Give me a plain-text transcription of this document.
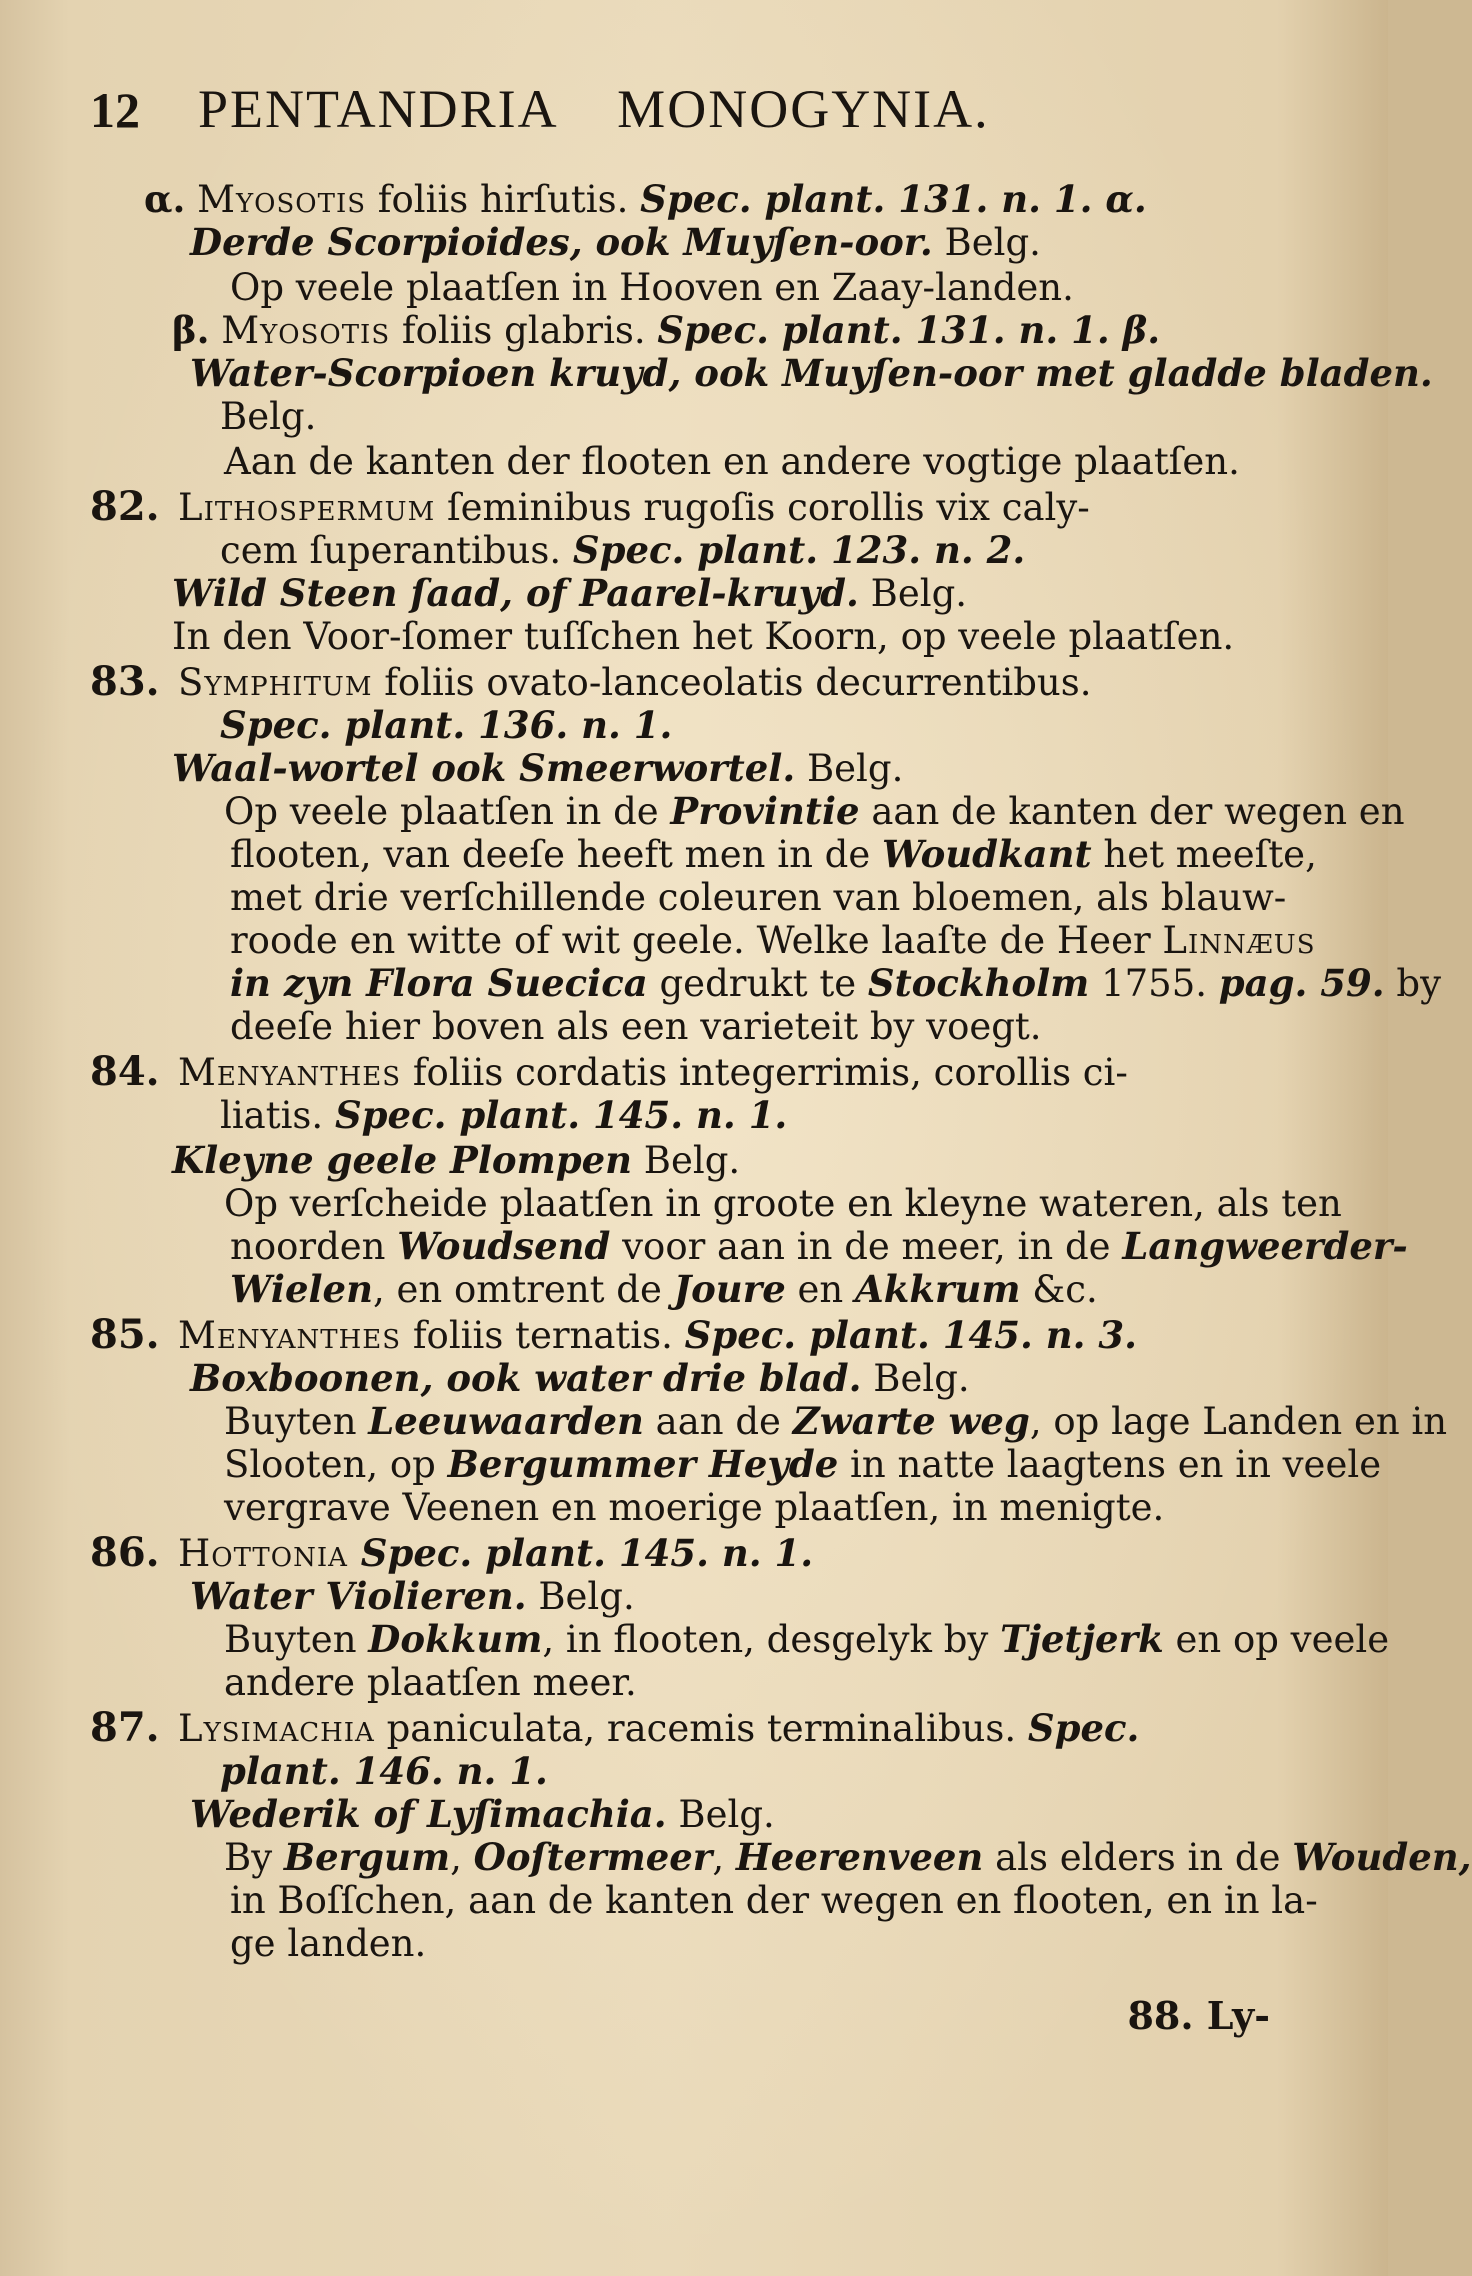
12	PENTANDRIA MONOGYNIA.
α. Myosotis foliis hirſutis. Spec. plant. 131. n. 1. α.
Derde Scorpioides, ook Muyſen-oor. Belg.
Op veele plaatſen in Hooven en Zaay-landen.
β. Myosotis foliis glabris. Spec. plant. 131. n. 1. β.
Water-Scorpioen kruyd, ook Muyſen-oor met gladde bladen.
Belg.
Aan de kanten der flooten en andere vogtige plaatſen.
82. Lithospermum ſeminibus rugoſis corollis vix caly-
cem ſuperantibus. Spec. plant. 123. n. 2.
Wild Steen ſaad, of Paarel-kruyd. Belg.
In den Voor-ſomer tuſſchen het Koorn, op veele plaatſen.
83. Symphitum foliis ovato-lanceolatis decurrentibus.
Spec. plant. 136. n. 1.
Waal-wortel ook Smeerwortel. Belg.
Op veele plaatſen in de Provintie aan de kanten der wegen en
flooten, van deeſe heeft men in de Woudkant het meeſte,
met drie verſchillende coleuren van bloemen, als blauw-
roode en witte of wit geele. Welke laaſte de Heer Linnæus
in zyn Flora Suecica gedrukt te Stockholm 1755. pag. 59. by
deeſe hier boven als een varieteit by voegt.
84. Menyanthes foliis cordatis integerrimis, corollis ci-
liatis. Spec. plant. 145. n. 1.
Kleyne geele Plompen Belg.
Op verſcheide plaatſen in groote en kleyne wateren, als ten
noorden Woudsend voor aan in de meer, in de Langweerder-
Wielen, en omtrent de Joure en Akkrum &c.
85. Menyanthes foliis ternatis. Spec. plant. 145. n. 3.
Boxboonen, ook water drie blad. Belg.
Buyten Leeuwaarden aan de Zwarte weg, op lage Landen en in
Slooten, op Bergummer Heyde in natte laagtens en in veele
vergrave Veenen en moerige plaatſen, in menigte.
86. Hottonia Spec. plant. 145. n. 1.
Water Violieren. Belg.
Buyten Dokkum, in flooten, desgelyk by Tjetjerk en op veele
andere plaatſen meer.
87. Lysimachia paniculata, racemis terminalibus. Spec.
plant. 146. n. 1.
Wederik of Lyſimachia. Belg.
By Bergum, Ooſtermeer, Heerenveen als elders in de Wouden,
in Boſſchen, aan de kanten der wegen en flooten, en in la-
ge landen.
88. Ly-
